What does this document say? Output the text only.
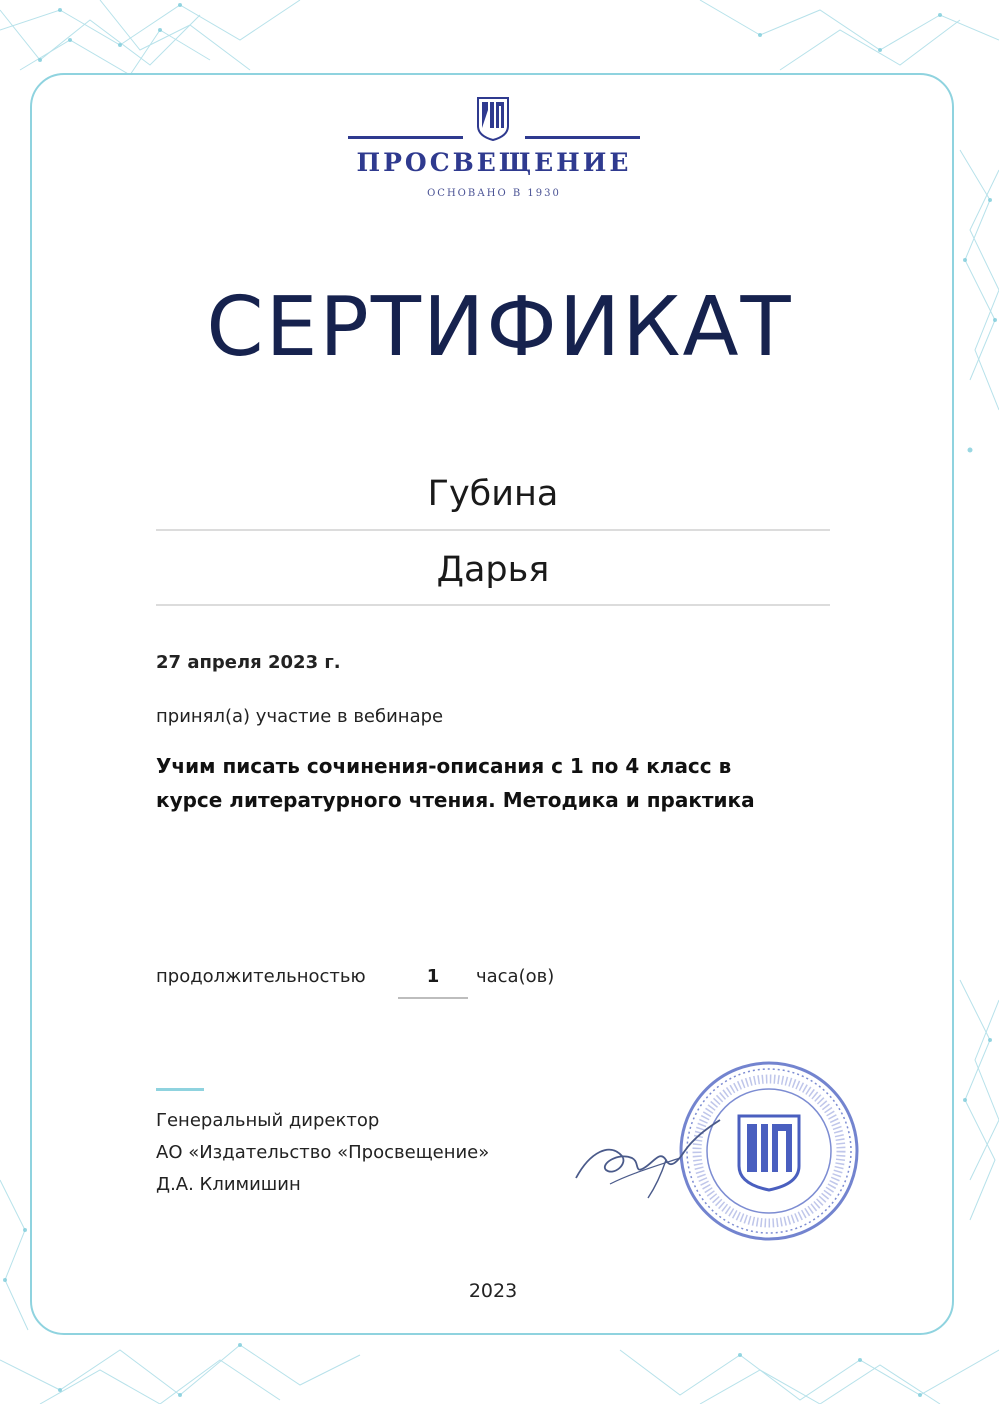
ПРОСВЕЩЕНИЕ
ОСНОВАНО В 1930
СЕРТИФИКАТ
Губина
Дарья
27 апреля 2023 г.
принял(а) участие в вебинаре
Учим писать сочинения-описания с 1 по 4 класс в
курсе литературного чтения. Методика и практика
продолжительностью	1	часа(ов)
Генеральный директор
АО «Издательство «Просвещение»
Д.А. Климишин
2023
